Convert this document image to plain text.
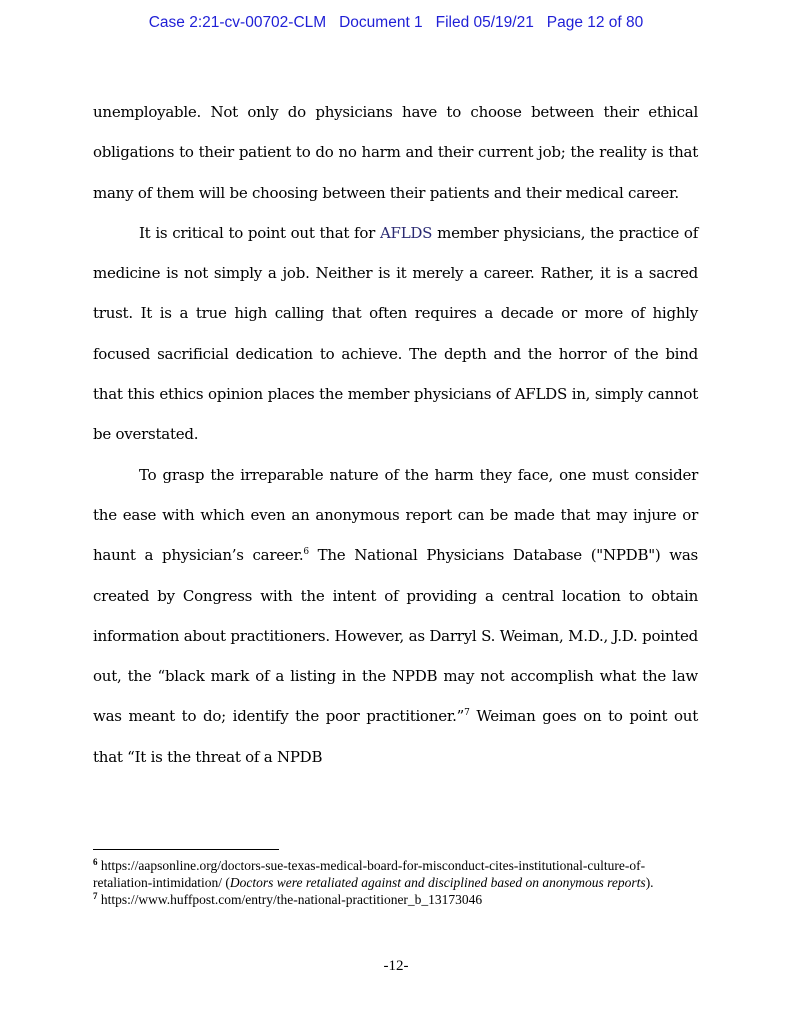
Case 2:21-cv-00702-CLM   Document 1   Filed 05/19/21   Page 12 of 80

unemployable. Not only do physicians have to choose between their ethical obligations to their patient to do no harm and their current job; the reality is that many of them will be choosing between their patients and their medical career.

It is critical to point out that for AFLDS member physicians, the practice of medicine is not simply a job. Neither is it merely a career. Rather, it is a sacred trust. It is a true high calling that often requires a decade or more of highly focused sacrificial dedication to achieve. The depth and the horror of the bind that this ethics opinion places the member physicians of AFLDS in, simply cannot be overstated.

To grasp the irreparable nature of the harm they face, one must consider the ease with which even an anonymous report can be made that may injure or haunt a physician’s career.$^6$ The National Physicians Database ("NPDB") was created by Congress with the intent of providing a central location to obtain information about practitioners. However, as Darryl S. Weiman, M.D., J.D. pointed out, the “black mark of a listing in the NPDB may not accomplish what the law was meant to do; identify the poor practitioner.”$^7$ Weiman goes on to point out that “It is the threat of a NPDB

$^6$ https://aapsonline.org/doctors-sue-texas-medical-board-for-misconduct-cites-institutional-culture-of-retaliation-intimidation/ (Doctors were retaliated against and disciplined based on anonymous reports).

$^7$ https://www.huffpost.com/entry/the-national-practitioner_b_13173046

-12-
